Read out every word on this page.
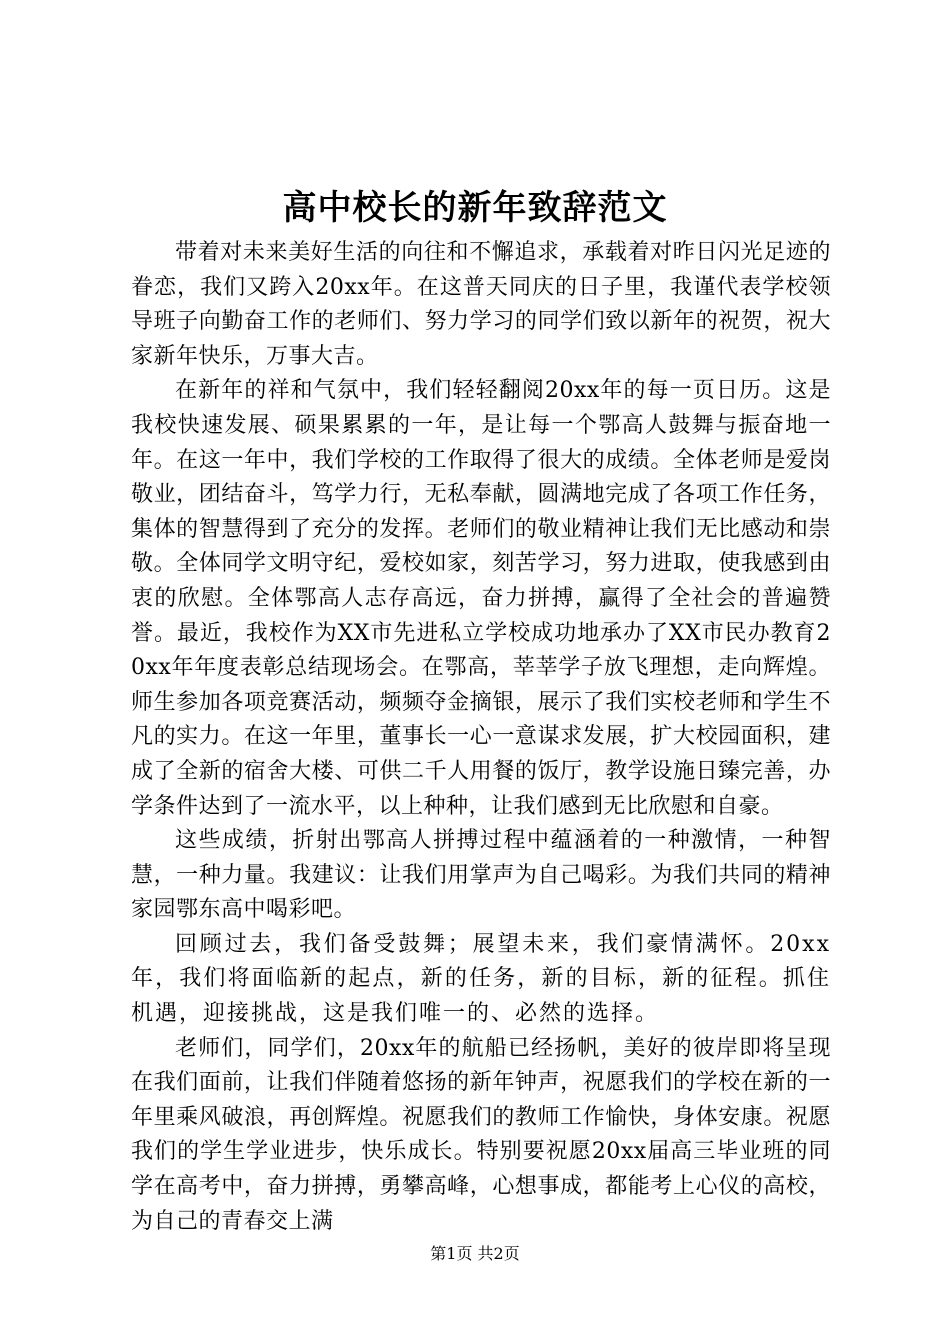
高中校长的新年致辞范文

带着对未来美好生活的向往和不懈追求，承载着对昨日闪光足迹的眷恋，我们又跨入20xx年。在这普天同庆的日子里，我谨代表学校领导班子向勤奋工作的老师们、努力学习的同学们致以新年的祝贺，祝大家新年快乐，万事大吉。

在新年的祥和气氛中，我们轻轻翻阅20xx年的每一页日历。这是我校快速发展、硕果累累的一年，是让每一个鄂高人鼓舞与振奋地一年。在这一年中，我们学校的工作取得了很大的成绩。全体老师是爱岗敬业，团结奋斗，笃学力行，无私奉献，圆满地完成了各项工作任务，集体的智慧得到了充分的发挥。老师们的敬业精神让我们无比感动和崇敬。全体同学文明守纪，爱校如家，刻苦学习，努力进取，使我感到由衷的欣慰。全体鄂高人志存高远，奋力拼搏，赢得了全社会的普遍赞誉。最近，我校作为XX市先进私立学校成功地承办了XX市民办教育20xx年年度表彰总结现场会。在鄂高，莘莘学子放飞理想，走向辉煌。师生参加各项竞赛活动，频频夺金摘银，展示了我们实校老师和学生不凡的实力。在这一年里，董事长一心一意谋求发展，扩大校园面积，建成了全新的宿舍大楼、可供二千人用餐的饭厅，教学设施日臻完善，办学条件达到了一流水平，以上种种，让我们感到无比欣慰和自豪。

这些成绩，折射出鄂高人拼搏过程中蕴涵着的一种激情，一种智慧，一种力量。我建议：让我们用掌声为自己喝彩。为我们共同的精神家园鄂东高中喝彩吧。

回顾过去，我们备受鼓舞；展望未来，我们豪情满怀。20xx年，我们将面临新的起点，新的任务，新的目标，新的征程。抓住机遇，迎接挑战，这是我们唯一的、必然的选择。

老师们，同学们，20xx年的航船已经扬帆，美好的彼岸即将呈现在我们面前，让我们伴随着悠扬的新年钟声，祝愿我们的学校在新的一年里乘风破浪，再创辉煌。祝愿我们的教师工作愉快，身体安康。祝愿我们的学生学业进步，快乐成长。特别要祝愿20xx届高三毕业班的同学在高考中，奋力拼搏，勇攀高峰，心想事成，都能考上心仪的高校，为自己的青春交上满

第1页 共2页
